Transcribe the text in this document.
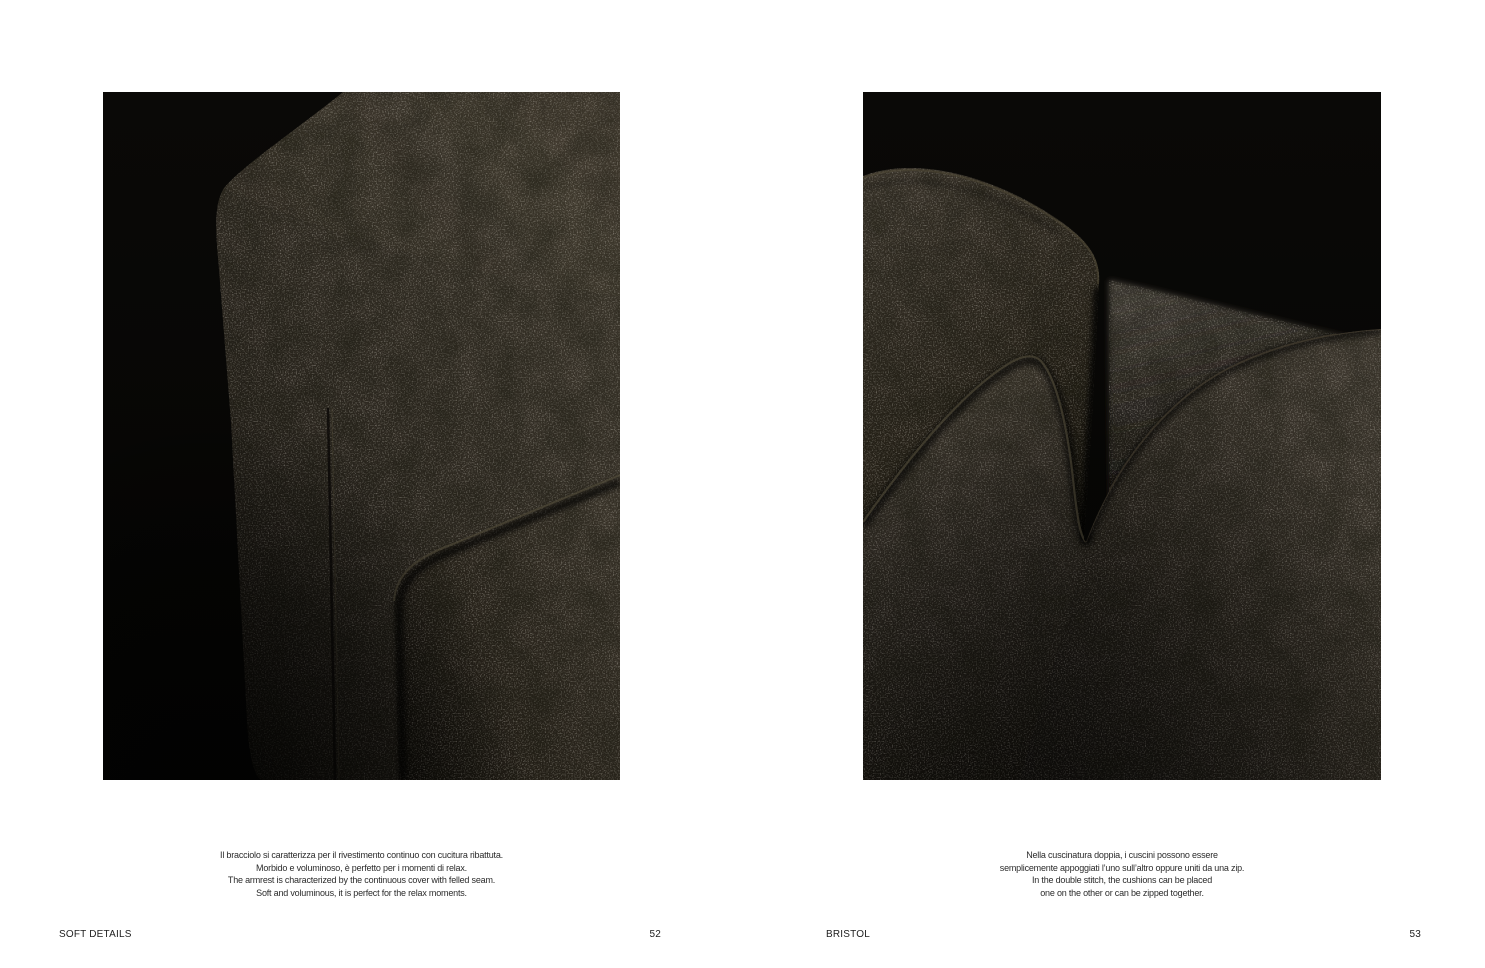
Il bracciolo si caratterizza per il rivestimento continuo con cucitura ribattuta.
Morbido e voluminoso, è perfetto per i momenti di relax.
The armrest is characterized by the continuous cover with felled seam.
Soft and voluminous, it is perfect for the relax moments.
Nella cuscinatura doppia, i cuscini possono essere
semplicemente appoggiati l’uno sull’altro oppure uniti da una zip.
In the double stitch, the cushions can be placed
one on the other or can be zipped together.
SOFT DETAILS	52	BRISTOL	53
